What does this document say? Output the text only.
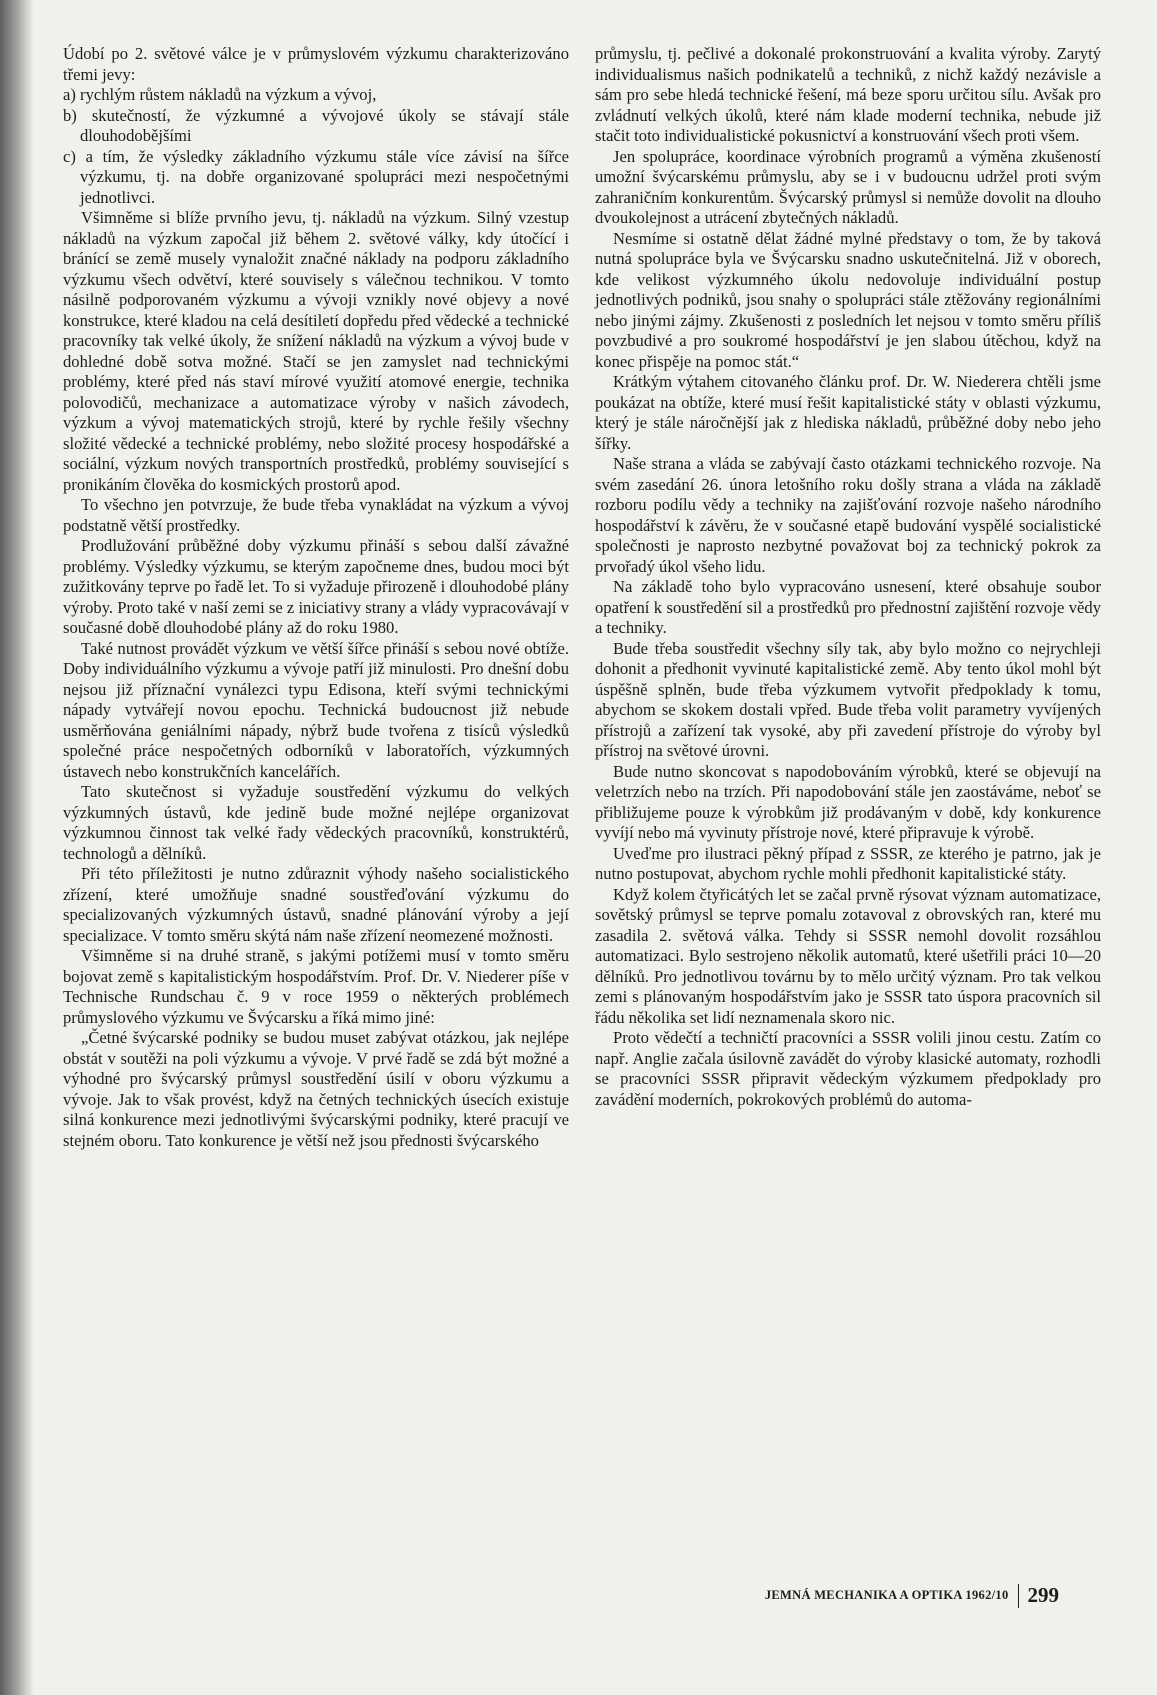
Údobí po 2. světové válce je v průmyslovém výzkumu charakterizováno třemi jevy:

a) rychlým růstem nákladů na výzkum a vývoj,

b) skutečností, že výzkumné a vývojové úkoly se stávají stále dlouhodobějšími

c) a tím, že výsledky základního výzkumu stále více závisí na šířce výzkumu, tj. na dobře organizované spolupráci mezi nespočetnými jednotlivci.

Všimněme si blíže prvního jevu, tj. nákladů na výzkum. Silný vzestup nákladů na výzkum započal již během 2. světové války, kdy útočící i bránící se země musely vynaložit značné náklady na podporu základního výzkumu všech odvětví, které souvisely s válečnou technikou. V tomto násilně podporovaném výzkumu a vývoji vznikly nové objevy a nové konstrukce, které kladou na celá desítiletí dopředu před vědecké a technické pracovníky tak velké úkoly, že snížení nákladů na výzkum a vývoj bude v dohledné době sotva možné. Stačí se jen zamyslet nad technickými problémy, které před nás staví mírové využití atomové energie, technika polovodičů, mechanizace a automatizace výroby v našich závodech, výzkum a vývoj matematických strojů, které by rychle řešily všechny složité vědecké a technické problémy, nebo složité procesy hospodářské a sociální, výzkum nových transportních prostředků, problémy související s pronikáním člověka do kosmických prostorů apod.

To všechno jen potvrzuje, že bude třeba vynakládat na výzkum a vývoj podstatně větší prostředky.

Prodlužování průběžné doby výzkumu přináší s sebou další závažné problémy. Výsledky výzkumu, se kterým započneme dnes, budou moci být zužitkovány teprve po řadě let. To si vyžaduje přirozeně i dlouhodobé plány výroby. Proto také v naší zemi se z iniciativy strany a vlády vypracovávají v současné době dlouhodobé plány až do roku 1980.

Také nutnost provádět výzkum ve větší šířce přináší s sebou nové obtíže. Doby individuálního výzkumu a vývoje patří již minulosti. Pro dnešní dobu nejsou již příznační vynálezci typu Edisona, kteří svými technickými nápady vytvářejí novou epochu. Technická budoucnost již nebude usměrňována geniálními nápady, nýbrž bude tvořena z tisíců výsledků společné práce nespočetných odborníků v laboratořích, výzkumných ústavech nebo konstrukčních kancelářích.

Tato skutečnost si vyžaduje soustředění výzkumu do velkých výzkumných ústavů, kde jedině bude možné nejlépe organizovat výzkumnou činnost tak velké řady vědeckých pracovníků, konstruktérů, technologů a dělníků.

Při této příležitosti je nutno zdůraznit výhody našeho socialistického zřízení, které umožňuje snadné soustřeďování výzkumu do specializovaných výzkumných ústavů, snadné plánování výroby a její specializace. V tomto směru skýtá nám naše zřízení neomezené možnosti.

Všimněme si na druhé straně, s jakými potížemi musí v tomto směru bojovat země s kapitalistickým hospodářstvím. Prof. Dr. V. Niederer píše v Technische Rundschau č. 9 v roce 1959 o některých problémech průmyslového výzkumu ve Švýcarsku a říká mimo jiné:

„Četné švýcarské podniky se budou muset zabývat otázkou, jak nejlépe obstát v soutěži na poli výzkumu a vývoje. V prvé řadě se zdá být možné a výhodné pro švýcarský průmysl soustředění úsilí v oboru výzkumu a vývoje. Jak to však provést, když na četných technických úsecích existuje silná konkurence mezi jednotlivými švýcarskými podniky, které pracují ve stejném oboru. Tato konkurence je větší než jsou přednosti švýcarského

průmyslu, tj. pečlivé a dokonalé prokonstruování a kvalita výroby. Zarytý individualismus našich podnikatelů a techniků, z nichž každý nezávisle a sám pro sebe hledá technické řešení, má beze sporu určitou sílu. Avšak pro zvládnutí velkých úkolů, které nám klade moderní technika, nebude již stačit toto individualistické pokusnictví a konstruování všech proti všem.

Jen spolupráce, koordinace výrobních programů a výměna zkušeností umožní švýcarskému průmyslu, aby se i v budoucnu udržel proti svým zahraničním konkurentům. Švýcarský průmysl si nemůže dovolit na dlouho dvoukolejnost a utrácení zbytečných nákladů.

Nesmíme si ostatně dělat žádné mylné představy o tom, že by taková nutná spolupráce byla ve Švýcarsku snadno uskutečnitelná. Již v oborech, kde velikost výzkumného úkolu nedovoluje individuální postup jednotlivých podniků, jsou snahy o spolupráci stále ztěžovány regionálními nebo jinými zájmy. Zkušenosti z posledních let nejsou v tomto směru příliš povzbudivé a pro soukromé hospodářství je jen slabou útěchou, když na konec přispěje na pomoc stát.“

Krátkým výtahem citovaného článku prof. Dr. W. Niederera chtěli jsme poukázat na obtíže, které musí řešit kapitalistické státy v oblasti výzkumu, který je stále náročnější jak z hlediska nákladů, průběžné doby nebo jeho šířky.

Naše strana a vláda se zabývají často otázkami technického rozvoje. Na svém zasedání 26. února letošního roku došly strana a vláda na základě rozboru podílu vědy a techniky na zajišťování rozvoje našeho národního hospodářství k závěru, že v současné etapě budování vyspělé socialistické společnosti je naprosto nezbytné považovat boj za technický pokrok za prvořadý úkol všeho lidu.

Na základě toho bylo vypracováno usnesení, které obsahuje soubor opatření k soustředění sil a prostředků pro přednostní zajištění rozvoje vědy a techniky.

Bude třeba soustředit všechny síly tak, aby bylo možno co nejrychleji dohonit a předhonit vyvinuté kapitalistické země. Aby tento úkol mohl být úspěšně splněn, bude třeba výzkumem vytvořit předpoklady k tomu, abychom se skokem dostali vpřed. Bude třeba volit parametry vyvíjených přístrojů a zařízení tak vysoké, aby při zavedení přístroje do výroby byl přístroj na světové úrovni.

Bude nutno skoncovat s napodobováním výrobků, které se objevují na veletrzích nebo na trzích. Při napodobování stále jen zaostáváme, neboť se přibližujeme pouze k výrobkům již prodávaným v době, kdy konkurence vyvíjí nebo má vyvinuty přístroje nové, které připravuje k výrobě.

Uveďme pro ilustraci pěkný případ z SSSR, ze kterého je patrno, jak je nutno postupovat, abychom rychle mohli předhonit kapitalistické státy.

Když kolem čtyřicátých let se začal prvně rýsovat význam automatizace, sovětský průmysl se teprve pomalu zotavoval z obrovských ran, které mu zasadila 2. světová válka. Tehdy si SSSR nemohl dovolit rozsáhlou automatizaci. Bylo sestrojeno několik automatů, které ušetřili práci 10—20 dělníků. Pro jednotlivou továrnu by to mělo určitý význam. Pro tak velkou zemi s plánovaným hospodářstvím jako je SSSR tato úspora pracovních sil řádu několika set lidí neznamenala skoro nic.

Proto vědečtí a techničtí pracovníci a SSSR volili jinou cestu. Zatím co např. Anglie začala úsilovně zavádět do výroby klasické automaty, rozhodli se pracovníci SSSR připravit vědeckým výzkumem předpoklady pro zavádění moderních, pokrokových problémů do automa-

JEMNÁ MECHANIKA A OPTIKA 1962/10 299
